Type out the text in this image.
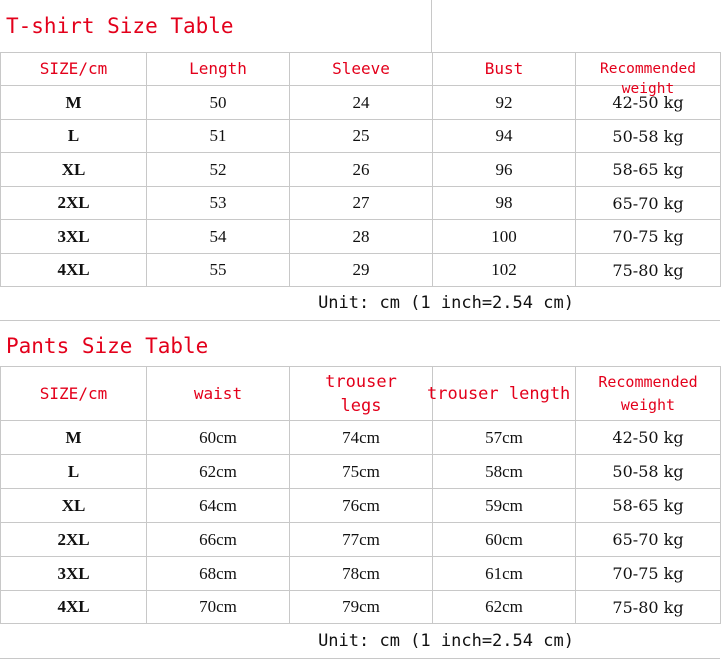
T-shirt Size Table
SIZE/cm	Length	Sleeve	Bust	Recommended weight

M	50	24	92	42-50 kg
L	51	25	94	50-58 kg
XL	52	26	96	58-65 kg
2XL	53	27	98	65-70 kg
3XL	54	28	100	70-75 kg
4XL	55	29	102	75-80 kg
Unit: cm (1 inch=2.54 cm)
Pants Size Table
SIZE/cm	waist	trouser legs	trouser length	Recommended weight

M	60cm	74cm	57cm	42-50 kg
L	62cm	75cm	58cm	50-58 kg
XL	64cm	76cm	59cm	58-65 kg
2XL	66cm	77cm	60cm	65-70 kg
3XL	68cm	78cm	61cm	70-75 kg
4XL	70cm	79cm	62cm	75-80 kg
Unit: cm (1 inch=2.54 cm)
